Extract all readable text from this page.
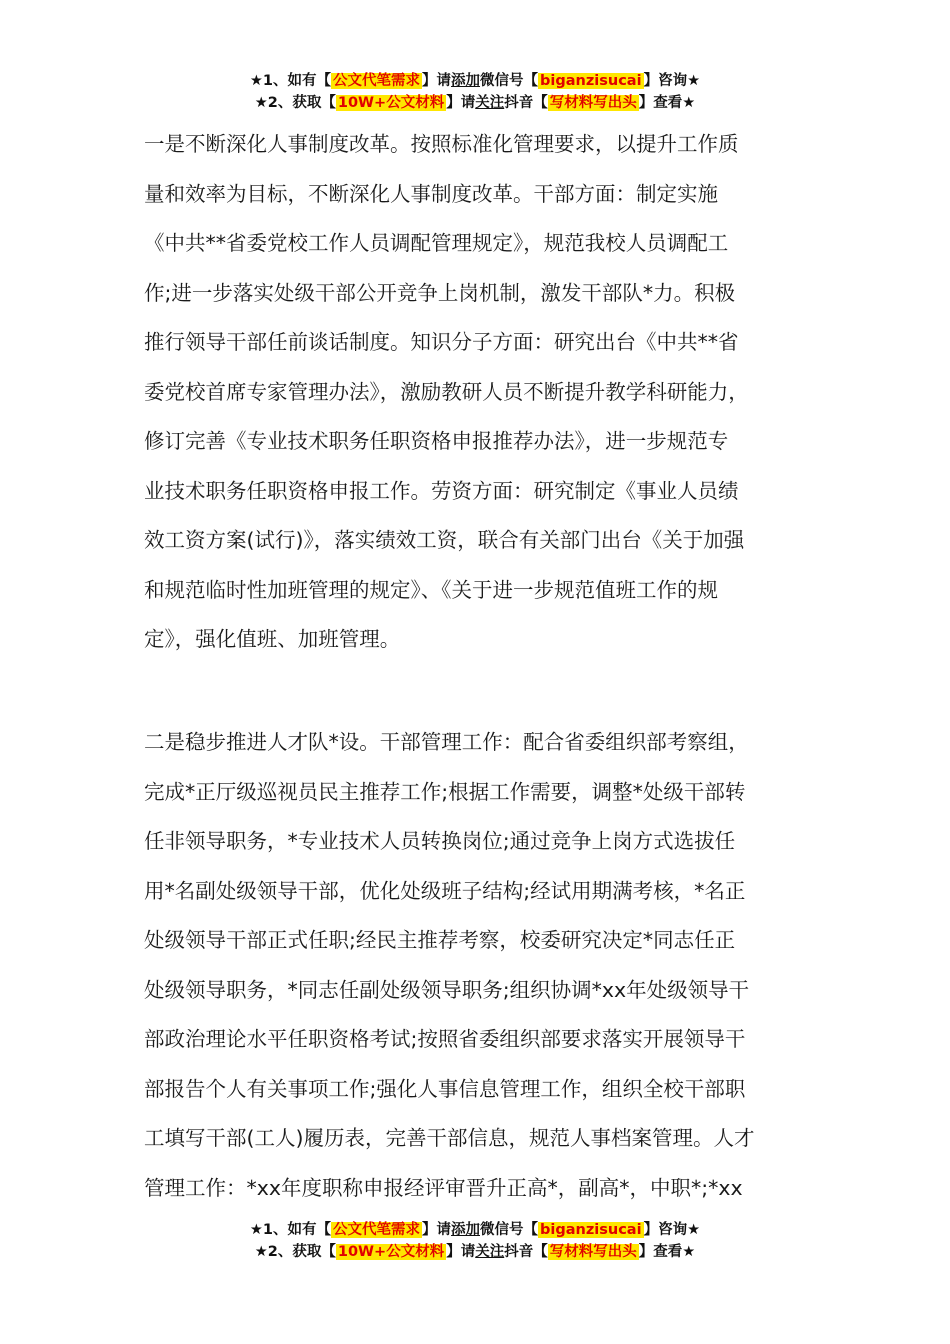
★1、如有【 公文代笔需求 】请添加微信号【 biganzisucai 】咨询★
★2、获取【 10W+公文材料 】请关注抖音【 写材料写出头 】查看★
一是不断深化人事制度改革。按照标准化管理要求，以提升工作质
量和效率为目标，不断深化人事制度改革。干部方面：制定实施
《中共**省委党校工作人员调配管理规定》，规范我校人员调配工
作;进一步落实处级干部公开竞争上岗机制，激发干部队*力。积极
推行领导干部任前谈话制度。知识分子方面：研究出台《中共**省
委党校首席专家管理办法》，激励教研人员不断提升教学科研能力，
修订完善《专业技术职务任职资格申报推荐办法》，进一步规范专
业技术职务任职资格申报工作。劳资方面：研究制定《事业人员绩
效工资方案(试行)》，落实绩效工资，联合有关部门出台《关于加强
和规范临时性加班管理的规定》、《关于进一步规范值班工作的规
定》，强化值班、加班管理。
二是稳步推进人才队*设。干部管理工作：配合省委组织部考察组，
完成*正厅级巡视员民主推荐工作;根据工作需要，调整*处级干部转
任非领导职务，*专业技术人员转换岗位;通过竞争上岗方式选拔任
用*名副处级领导干部，优化处级班子结构;经试用期满考核，*名正
处级领导干部正式任职;经民主推荐考察，校委研究决定*同志任正
处级领导职务，*同志任副处级领导职务;组织协调*xx年处级领导干
部政治理论水平任职资格考试;按照省委组织部要求落实开展领导干
部报告个人有关事项工作;强化人事信息管理工作，组织全校干部职
工填写干部(工人)履历表，完善干部信息，规范人事档案管理。人才
管理工作：*xx年度职称申报经评审晋升正高*，副高*，中职*;*xx
★1、如有【 公文代笔需求 】请添加微信号【 biganzisucai 】咨询★
★2、获取【 10W+公文材料 】请关注抖音【 写材料写出头 】查看★
